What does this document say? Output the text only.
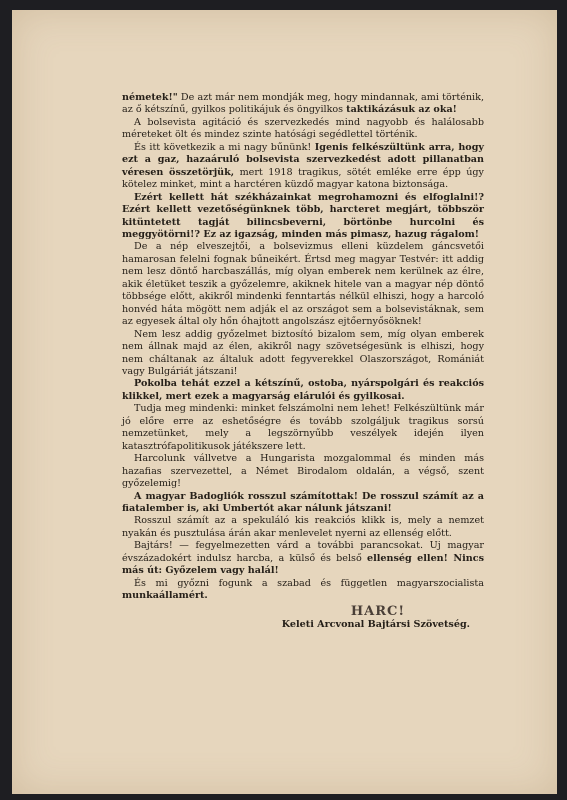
németek!" De azt már nem mondják meg, hogy mindannak, ami történik, az ő kétszínű, gyilkos politikájuk és öngyilkos taktikázásuk az oka!

A bolsevista agitáció és szervezkedés mind nagyobb és halálosabb méreteket ölt és mindez szinte hatósági segédlettel történik.

És itt következik a mi nagy bűnünk! Igenis felkészültünk arra, hogy ezt a gaz, hazaáruló bolsevista szervezkedést adott pillanatban véresen összetörjük, mert 1918 tragikus, sötét emléke erre épp úgy kötelez minket, mint a harctéren küzdő magyar katona biztonsága.

Ezért kellett hát székházainkat megrohamozni és elfoglalni!? Ezért kellett vezetőségünknek több, harcteret megjárt, többször kitüntetett tagját bilincsbeverni, börtönbe hurcolni és meggyötörni!? Ez az igazság, minden más pimasz, hazug rágalom!

De a nép elveszejtői, a bolsevizmus elleni küzdelem gáncsvetői hamarosan felelni fognak bűneikért. Értsd meg magyar Testvér: itt addig nem lesz döntő harcbaszállás, míg olyan emberek nem kerülnek az élre, akik életüket teszik a győzelemre, akiknek hitele van a magyar nép döntő többsége előtt, akikről mindenki fenntartás nélkül elhiszi, hogy a harcoló honvéd háta mögött nem adják el az országot sem a bolsevistáknak, sem az egyesek által oly hőn óhajtott angolszász ejtőernyősöknek!

Nem lesz addig győzelmet biztosító bizalom sem, míg olyan emberek nem állnak majd az élen, akikről nagy szövetségesünk is elhiszi, hogy nem cháltanak az általuk adott fegyverekkel Olaszországot, Romániát vagy Bulgáriát játszani!

Pokolba tehát ezzel a kétszínű, ostoba, nyárspolgári és reakciós klikkel, mert ezek a magyarság elárulói és gyilkosai.

Tudja meg mindenki: minket felszámolni nem lehet! Felkészültünk már jó előre erre az eshetőségre és tovább szolgáljuk tragikus sorsú nemzetünket, mely a legszörnyűbb veszélyek idején ilyen katasztrófapolitikusok játékszere lett.

Harcolunk vállvetve a Hungarista mozgalommal és minden más hazafias szervezettel, a Német Birodalom oldalán, a végső, szent győzelemig!

A magyar Badogliók rosszul számítottak! De rosszul számít az a fiatalember is, aki Umbertót akar nálunk játszani!

Rosszul számít az a spekuláló kis reakciós klikk is, mely a nemzet nyakán és pusztulása árán akar menlevelet nyerni az ellenség előtt.

Bajtárs! — fegyelmezetten várd a további parancsokat. Uj magyar évszázadokért indulsz harcba, a külső és belső ellenség ellen! Nincs más út: Győzelem vagy halál!

És mi győzni fogunk a szabad és független magyarszocialista munkaállamért.

HARC!
Keleti Arcvonal Bajtársi Szövetség.
